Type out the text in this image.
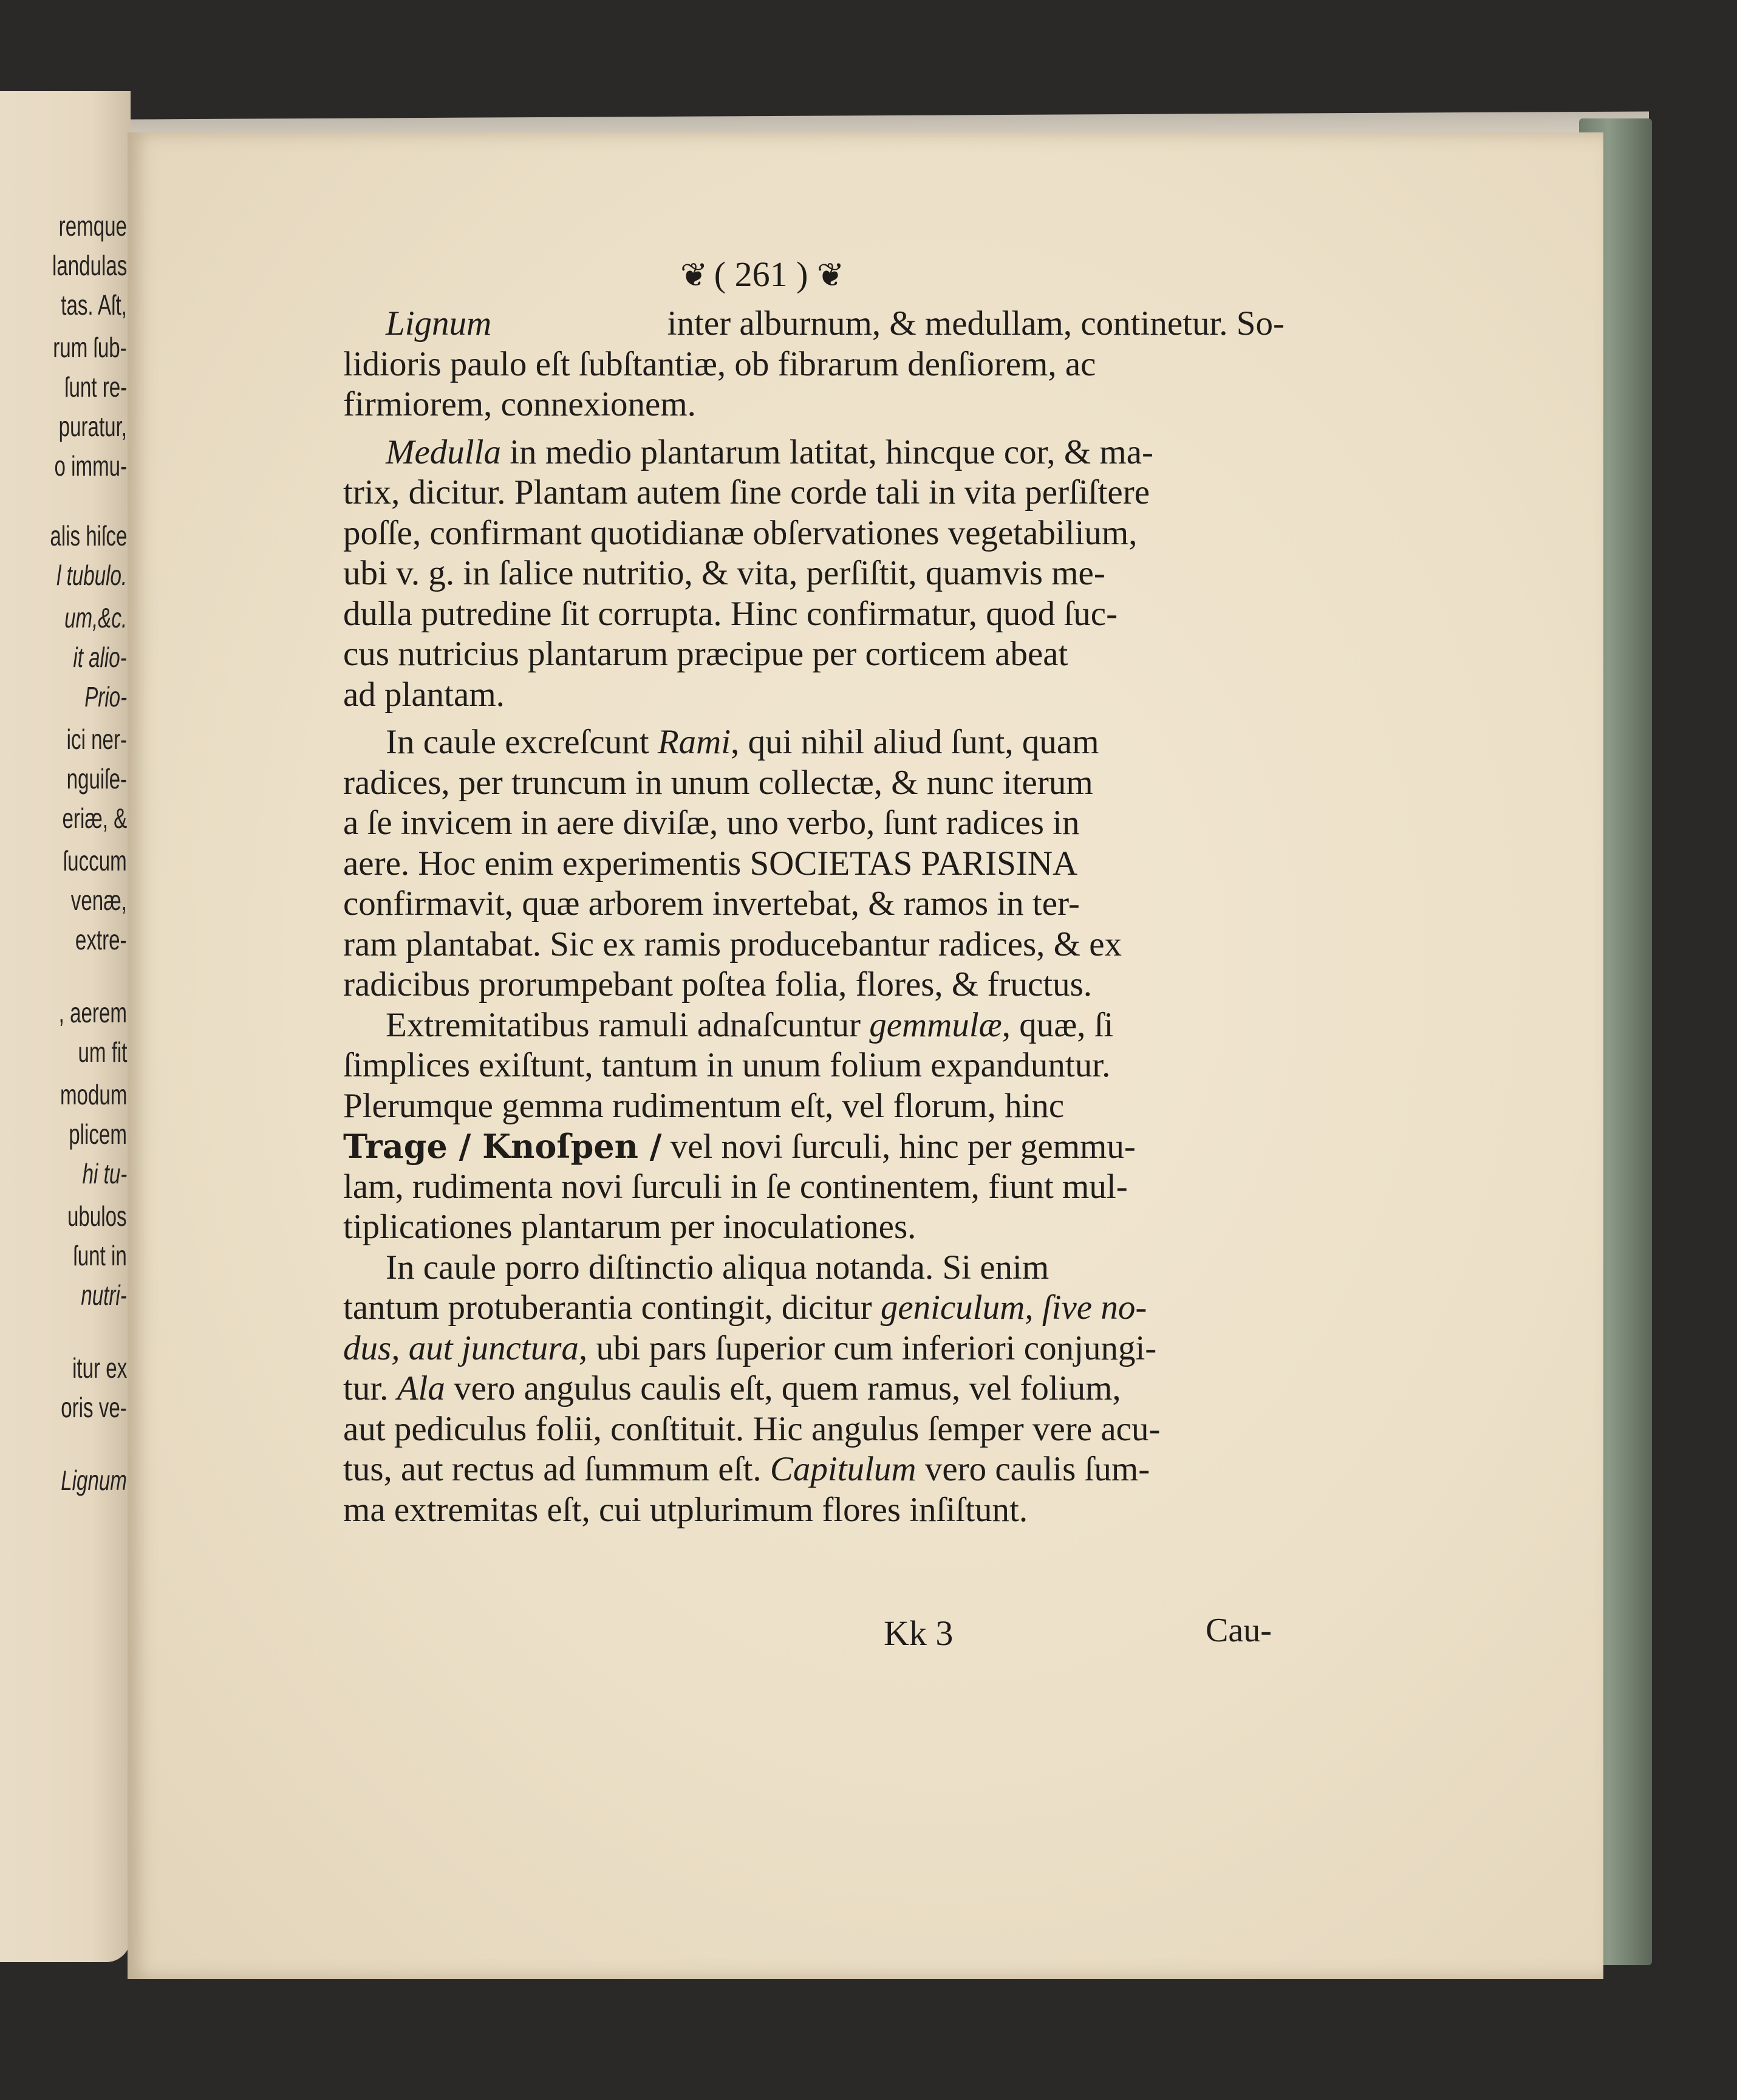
remque
landulas
tas. Aſt,
rum ſub-
ſunt re-
puratur,
o immu-
alis hiſce
l tubulo.
um,&c.
it alio-
Prio-
ici ner-
nguiſe-
eriæ, &
ſuccum
venæ,
extre-
, aerem
um fit
modum
plicem
hi tu-
ubulos
ſunt in
nutri-
itur ex
oris ve-
Lignum
❦ ( 261 ) ❦
Lignum	inter alburnum, & medullam, continetur. So-
lidioris paulo eſt ſubſtantiæ, ob fibrarum denſiorem, ac
firmiorem, connexionem.
Medulla in medio plantarum latitat, hincque cor, & ma-
trix, dicitur. Plantam autem ſine corde tali in vita perſiſtere
poſſe, confirmant quotidianæ obſervationes vegetabilium,
ubi v. g. in ſalice nutritio, & vita, perſiſtit, quamvis me-
dulla putredine ſit corrupta. Hinc confirmatur, quod ſuc-
cus nutricius plantarum præcipue per corticem abeat
ad plantam.
In caule excreſcunt Rami, qui nihil aliud ſunt, quam
radices, per truncum in unum collectæ, & nunc iterum
a ſe invicem in aere diviſæ, uno verbo, ſunt radices in
aere. Hoc enim experimentis SOCIETAS PARISINA
confirmavit, quæ arborem invertebat, & ramos in ter-
ram plantabat. Sic ex ramis producebantur radices, & ex
radicibus prorumpebant poſtea folia, flores, & fructus.
Extremitatibus ramuli adnaſcuntur gemmulæ, quæ, ſi
ſimplices exiſtunt, tantum in unum folium expanduntur.
Plerumque gemma rudimentum eſt, vel florum, hinc
Trage / Knoſpen / vel novi ſurculi, hinc per gemmu-
lam, rudimenta novi ſurculi in ſe continentem, fiunt mul-
tiplicationes plantarum per inoculationes.
In caule porro diſtinctio aliqua notanda. Si enim
tantum protuberantia contingit, dicitur geniculum, ſive no-
dus, aut junctura, ubi pars ſuperior cum inferiori conjungi-
tur. Ala vero angulus caulis eſt, quem ramus, vel folium,
aut pediculus folii, conſtituit. Hic angulus ſemper vere acu-
tus, aut rectus ad ſummum eſt. Capitulum vero caulis ſum-
ma extremitas eſt, cui utplurimum flores inſiſtunt.
Kk 3	Cau-
